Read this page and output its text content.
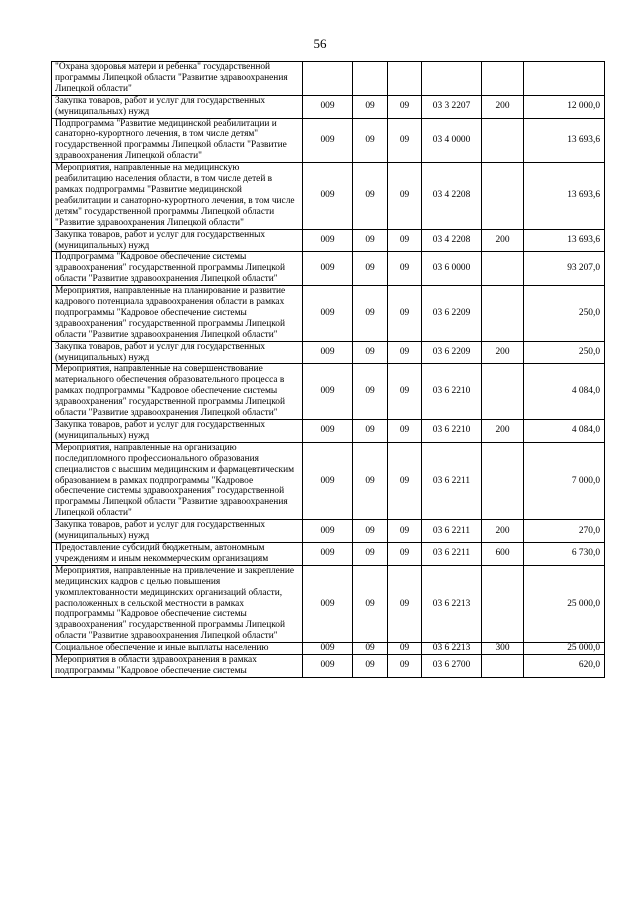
56
"Охрана здоровья матери и ребенка" государственной программы Липецкой области "Развитие здравоохранения Липецкой области"						
Закупка товаров, работ и услуг для государственных (муниципальных) нужд	009	09	09	03 3 2207	200	12 000,0
Подпрограмма "Развитие медицинской реабилитации и санаторно-курортного лечения, в том числе детям" государственной программы Липецкой области "Развитие здравоохранения Липецкой области"	009	09	09	03 4 0000		13 693,6
Мероприятия, направленные на медицинскую реабилитацию населения области, в том числе детей в рамках подпрограммы "Развитие медицинской реабилитации и санаторно-курортного лечения, в том числе детям" государственной программы Липецкой области "Развитие здравоохранения Липецкой области"	009	09	09	03 4 2208		13 693,6
Закупка товаров, работ и услуг для государственных (муниципальных) нужд	009	09	09	03 4 2208	200	13 693,6
Подпрограмма "Кадровое обеспечение системы здравоохранения" государственной программы Липецкой области "Развитие здравоохранения Липецкой области"	009	09	09	03 6 0000		93 207,0
Мероприятия, направленные на планирование и развитие кадрового потенциала здравоохранения области в рамках подпрограммы "Кадровое обеспечение системы здравоохранения" государственной программы Липецкой области "Развитие здравоохранения Липецкой области"	009	09	09	03 6 2209		250,0
Закупка товаров, работ и услуг для государственных (муниципальных) нужд	009	09	09	03 6 2209	200	250,0
Мероприятия, направленные на совершенствование материального обеспечения образовательного процесса в рамках подпрограммы "Кадровое обеспечение системы здравоохранения" государственной программы Липецкой области "Развитие здравоохранения Липецкой области"	009	09	09	03 6 2210		4 084,0
Закупка товаров, работ и услуг для государственных (муниципальных) нужд	009	09	09	03 6 2210	200	4 084,0
Мероприятия, направленные на организацию последипломного профессионального образования специалистов с высшим медицинским и фармацевтическим образованием в рамках подпрограммы "Кадровое обеспечение системы здравоохранения" государственной программы Липецкой области "Развитие здравоохранения Липецкой области"	009	09	09	03 6 2211		7 000,0
Закупка товаров, работ и услуг для государственных (муниципальных) нужд	009	09	09	03 6 2211	200	270,0
Предоставление субсидий бюджетным, автономным учреждениям и иным некоммерческим организациям	009	09	09	03 6 2211	600	6 730,0
Мероприятия, направленные на привлечение и закрепление медицинских кадров с целью повышения укомплектованности медицинских организаций области, расположенных в сельской местности в рамках подпрограммы "Кадровое обеспечение системы здравоохранения" государственной программы Липецкой области "Развитие здравоохранения Липецкой области"	009	09	09	03 6 2213		25 000,0
Социальное обеспечение и иные выплаты населению	009	09	09	03 6 2213	300	25 000,0
Мероприятия в области здравоохранения в рамках подпрограммы "Кадровое обеспечение системы	009	09	09	03 6 2700		620,0
